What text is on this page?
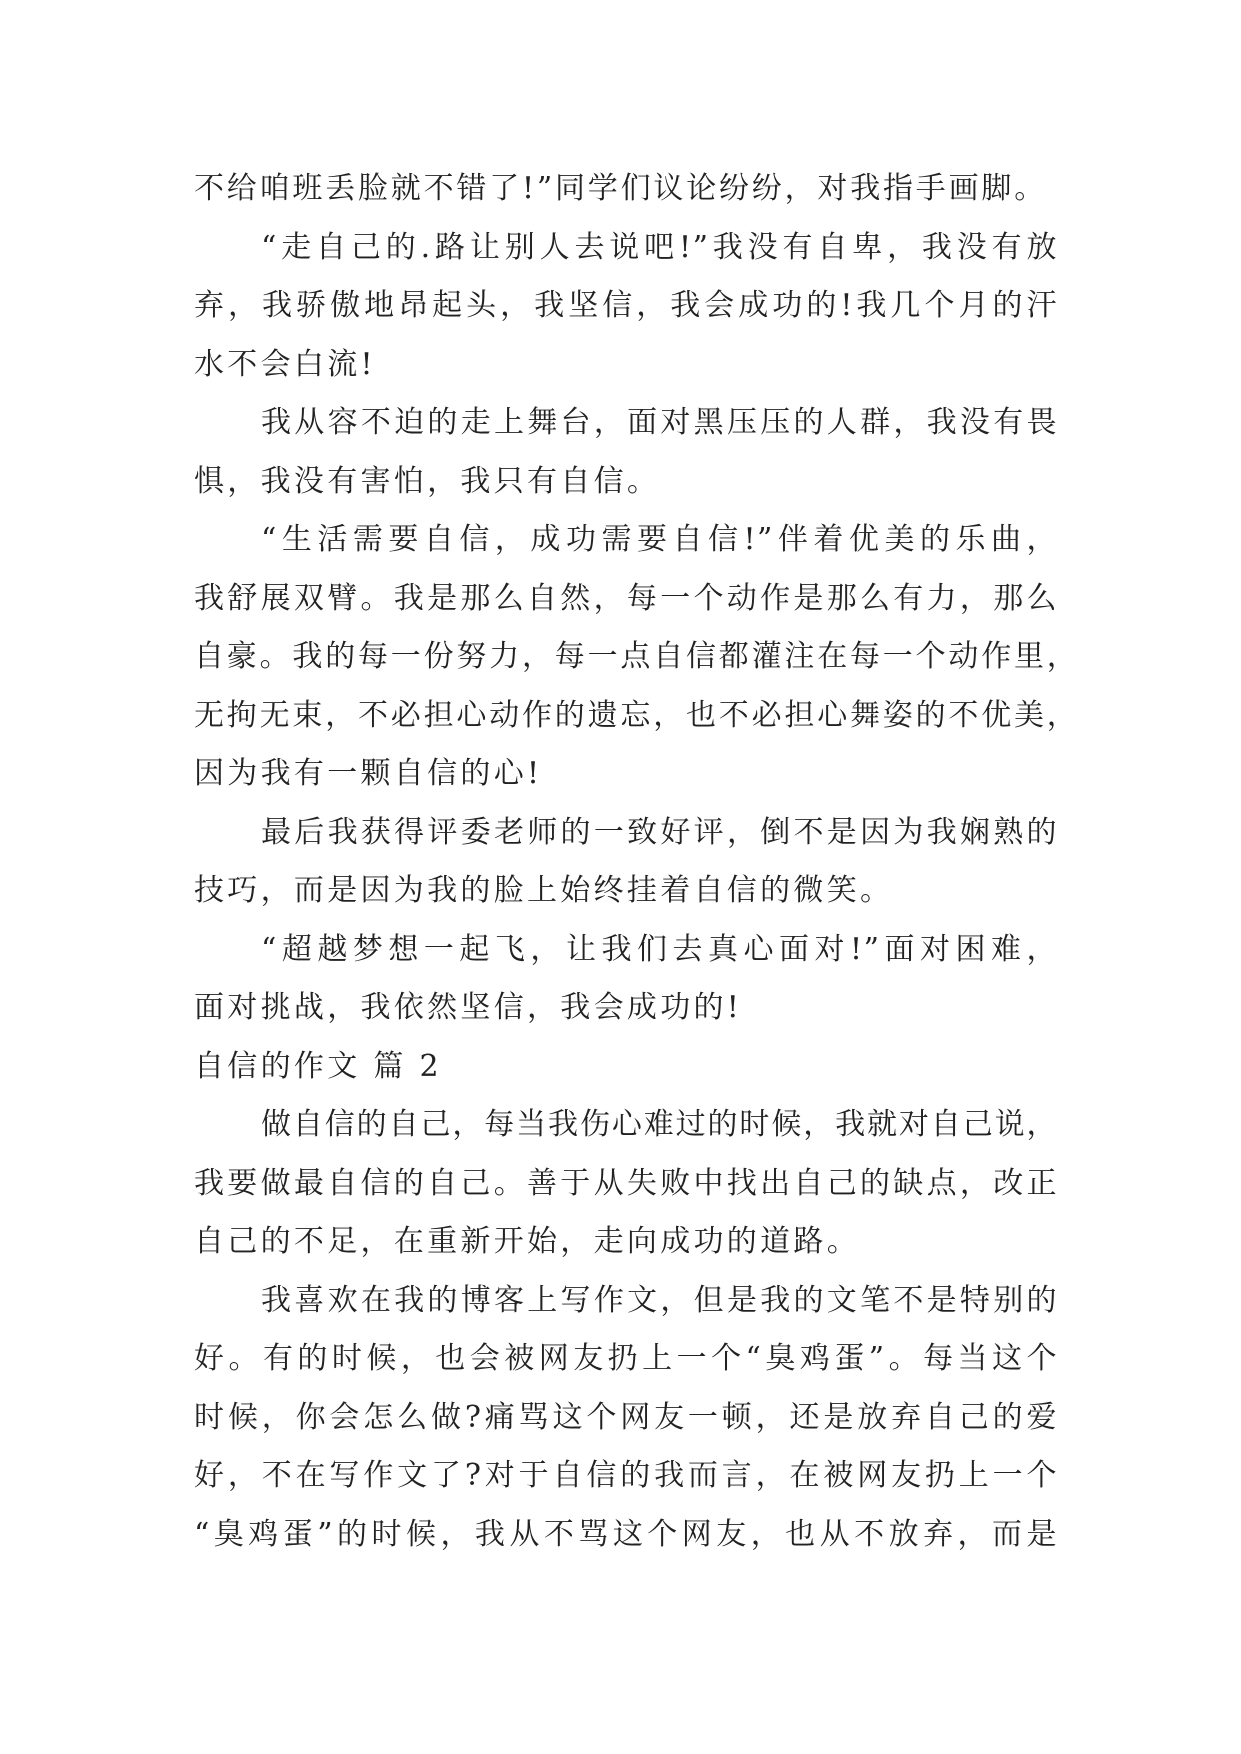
不给咱班丢脸就不错了!”同学们议论纷纷，对我指手画脚。
“走自己的.路让别人去说吧!”我没有自卑，我没有放
弃，我骄傲地昂起头，我坚信，我会成功的!我几个月的汗
水不会白流!
我从容不迫的走上舞台，面对黑压压的人群，我没有畏
惧，我没有害怕，我只有自信。
“生活需要自信，成功需要自信!”伴着优美的乐曲，
我舒展双臂。我是那么自然，每一个动作是那么有力，那么
自豪。我的每一份努力，每一点自信都灌注在每一个动作里，
无拘无束，不必担心动作的遗忘，也不必担心舞姿的不优美，
因为我有一颗自信的心!
最后我获得评委老师的一致好评，倒不是因为我娴熟的
技巧，而是因为我的脸上始终挂着自信的微笑。
“超越梦想一起飞，让我们去真心面对!”面对困难，
面对挑战，我依然坚信，我会成功的!
自信的作文 篇 2
做自信的自己，每当我伤心难过的时候，我就对自己说，
我要做最自信的自己。善于从失败中找出自己的缺点，改正
自己的不足，在重新开始，走向成功的道路。
我喜欢在我的博客上写作文，但是我的文笔不是特别的
好。有的时候，也会被网友扔上一个“臭鸡蛋”。每当这个
时候，你会怎么做?痛骂这个网友一顿，还是放弃自己的爱
好，不在写作文了?对于自信的我而言，在被网友扔上一个
“臭鸡蛋”的时候，我从不骂这个网友，也从不放弃，而是
